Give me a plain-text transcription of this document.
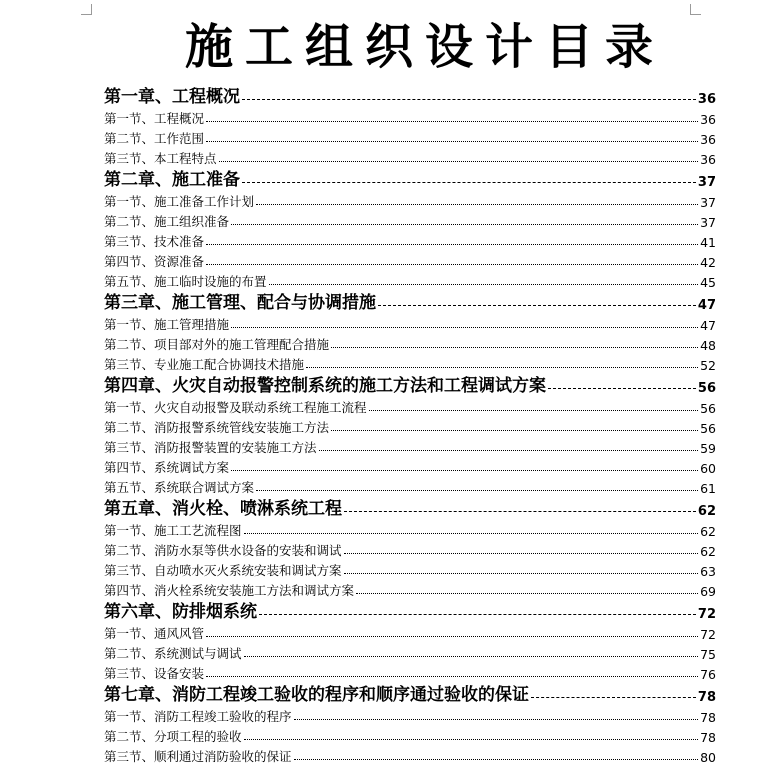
施工组织设计目录
第一章、工程概况	36
第一节、工程概况	36
第二节、工作范围	36
第三节、本工程特点	36
第二章、施工准备	37
第一节、施工准备工作计划	37
第二节、施工组织准备	37
第三节、技术准备	41
第四节、资源准备	42
第五节、施工临时设施的布置	45
第三章、施工管理、配合与协调措施	47
第一节、施工管理措施	47
第二节、项目部对外的施工管理配合措施	48
第三节、专业施工配合协调技术措施	52
第四章、火灾自动报警控制系统的施工方法和工程调试方案	56
第一节、火灾自动报警及联动系统工程施工流程	56
第二节、消防报警系统管线安装施工方法	56
第三节、消防报警装置的安装施工方法	59
第四节、系统调试方案	60
第五节、系统联合调试方案	61
第五章、消火栓、喷淋系统工程	62
第一节、施工工艺流程图	62
第二节、消防水泵等供水设备的安装和调试	62
第三节、自动喷水灭火系统安装和调试方案	63
第四节、消火栓系统安装施工方法和调试方案	69
第六章、防排烟系统	72
第一节、通风风管	72
第二节、系统测试与调试	75
第三节、设备安装	76
第七章、消防工程竣工验收的程序和顺序通过验收的保证	78
第一节、消防工程竣工验收的程序	78
第二节、分项工程的验收	78
第三节、顺利通过消防验收的保证	80
